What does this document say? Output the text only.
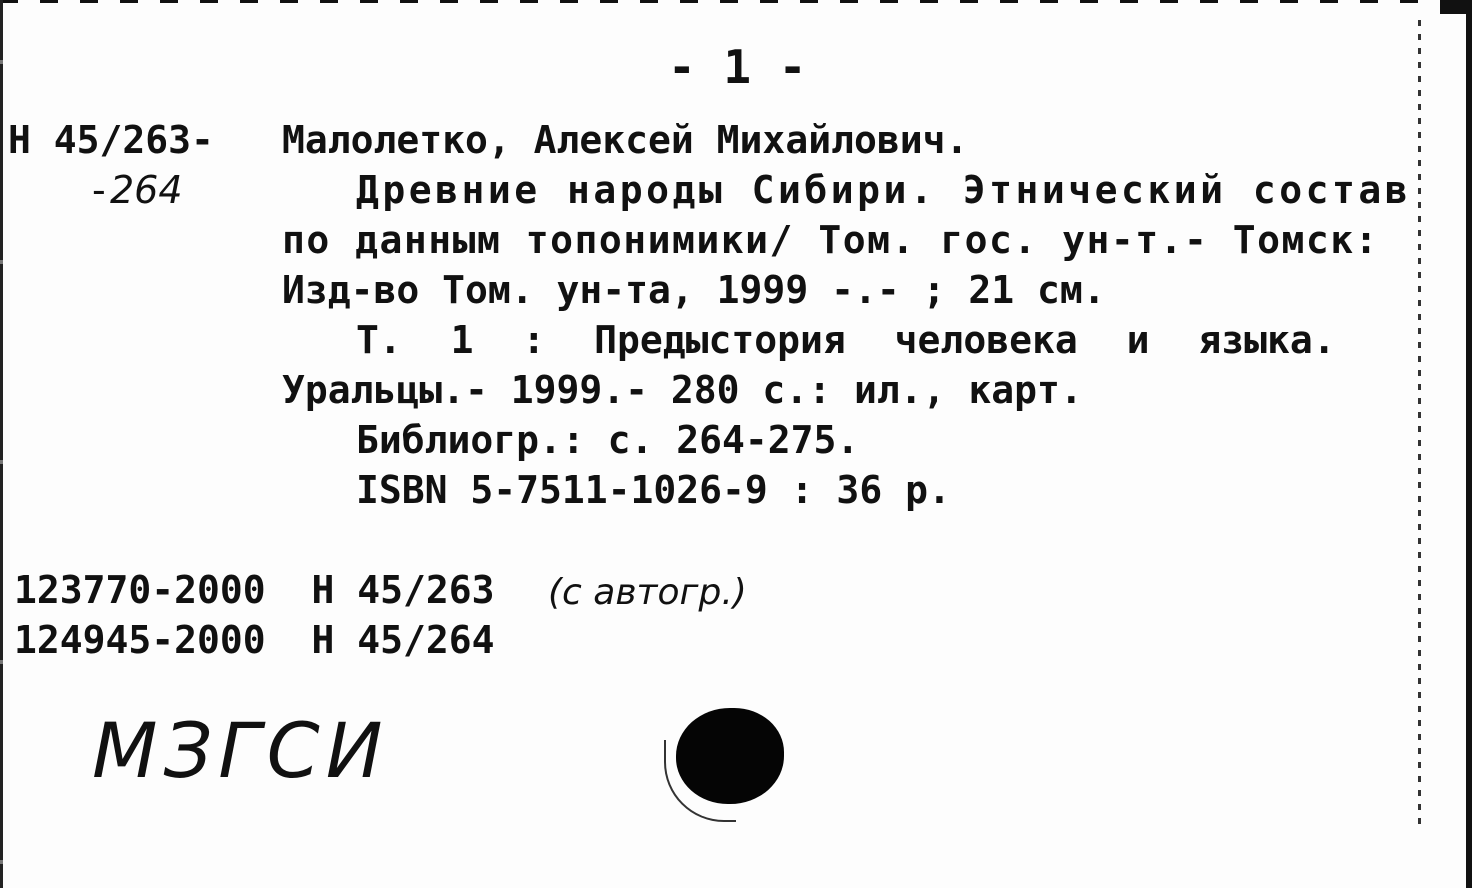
- 1 -
Н 45/263-
- 264
Малолетко, Алексей Михайлович.
Древние народы Сибири. Этнический состав
по данным топонимики/ Том. гос. ун-т.- Томск:
Изд-во Том. ун-та, 1999 -.- ; 21 см.
Т. 1 : Предыстория человека и языка.
Уральцы.- 1999.- 280 с.: ил., карт.
Библиогр.: с. 264-275.
ISBN 5-7511-1026-9 : 36 р.
123770-2000 Н 45/263 (с автогр.)
124945-2000 Н 45/264
МЗГСИ
